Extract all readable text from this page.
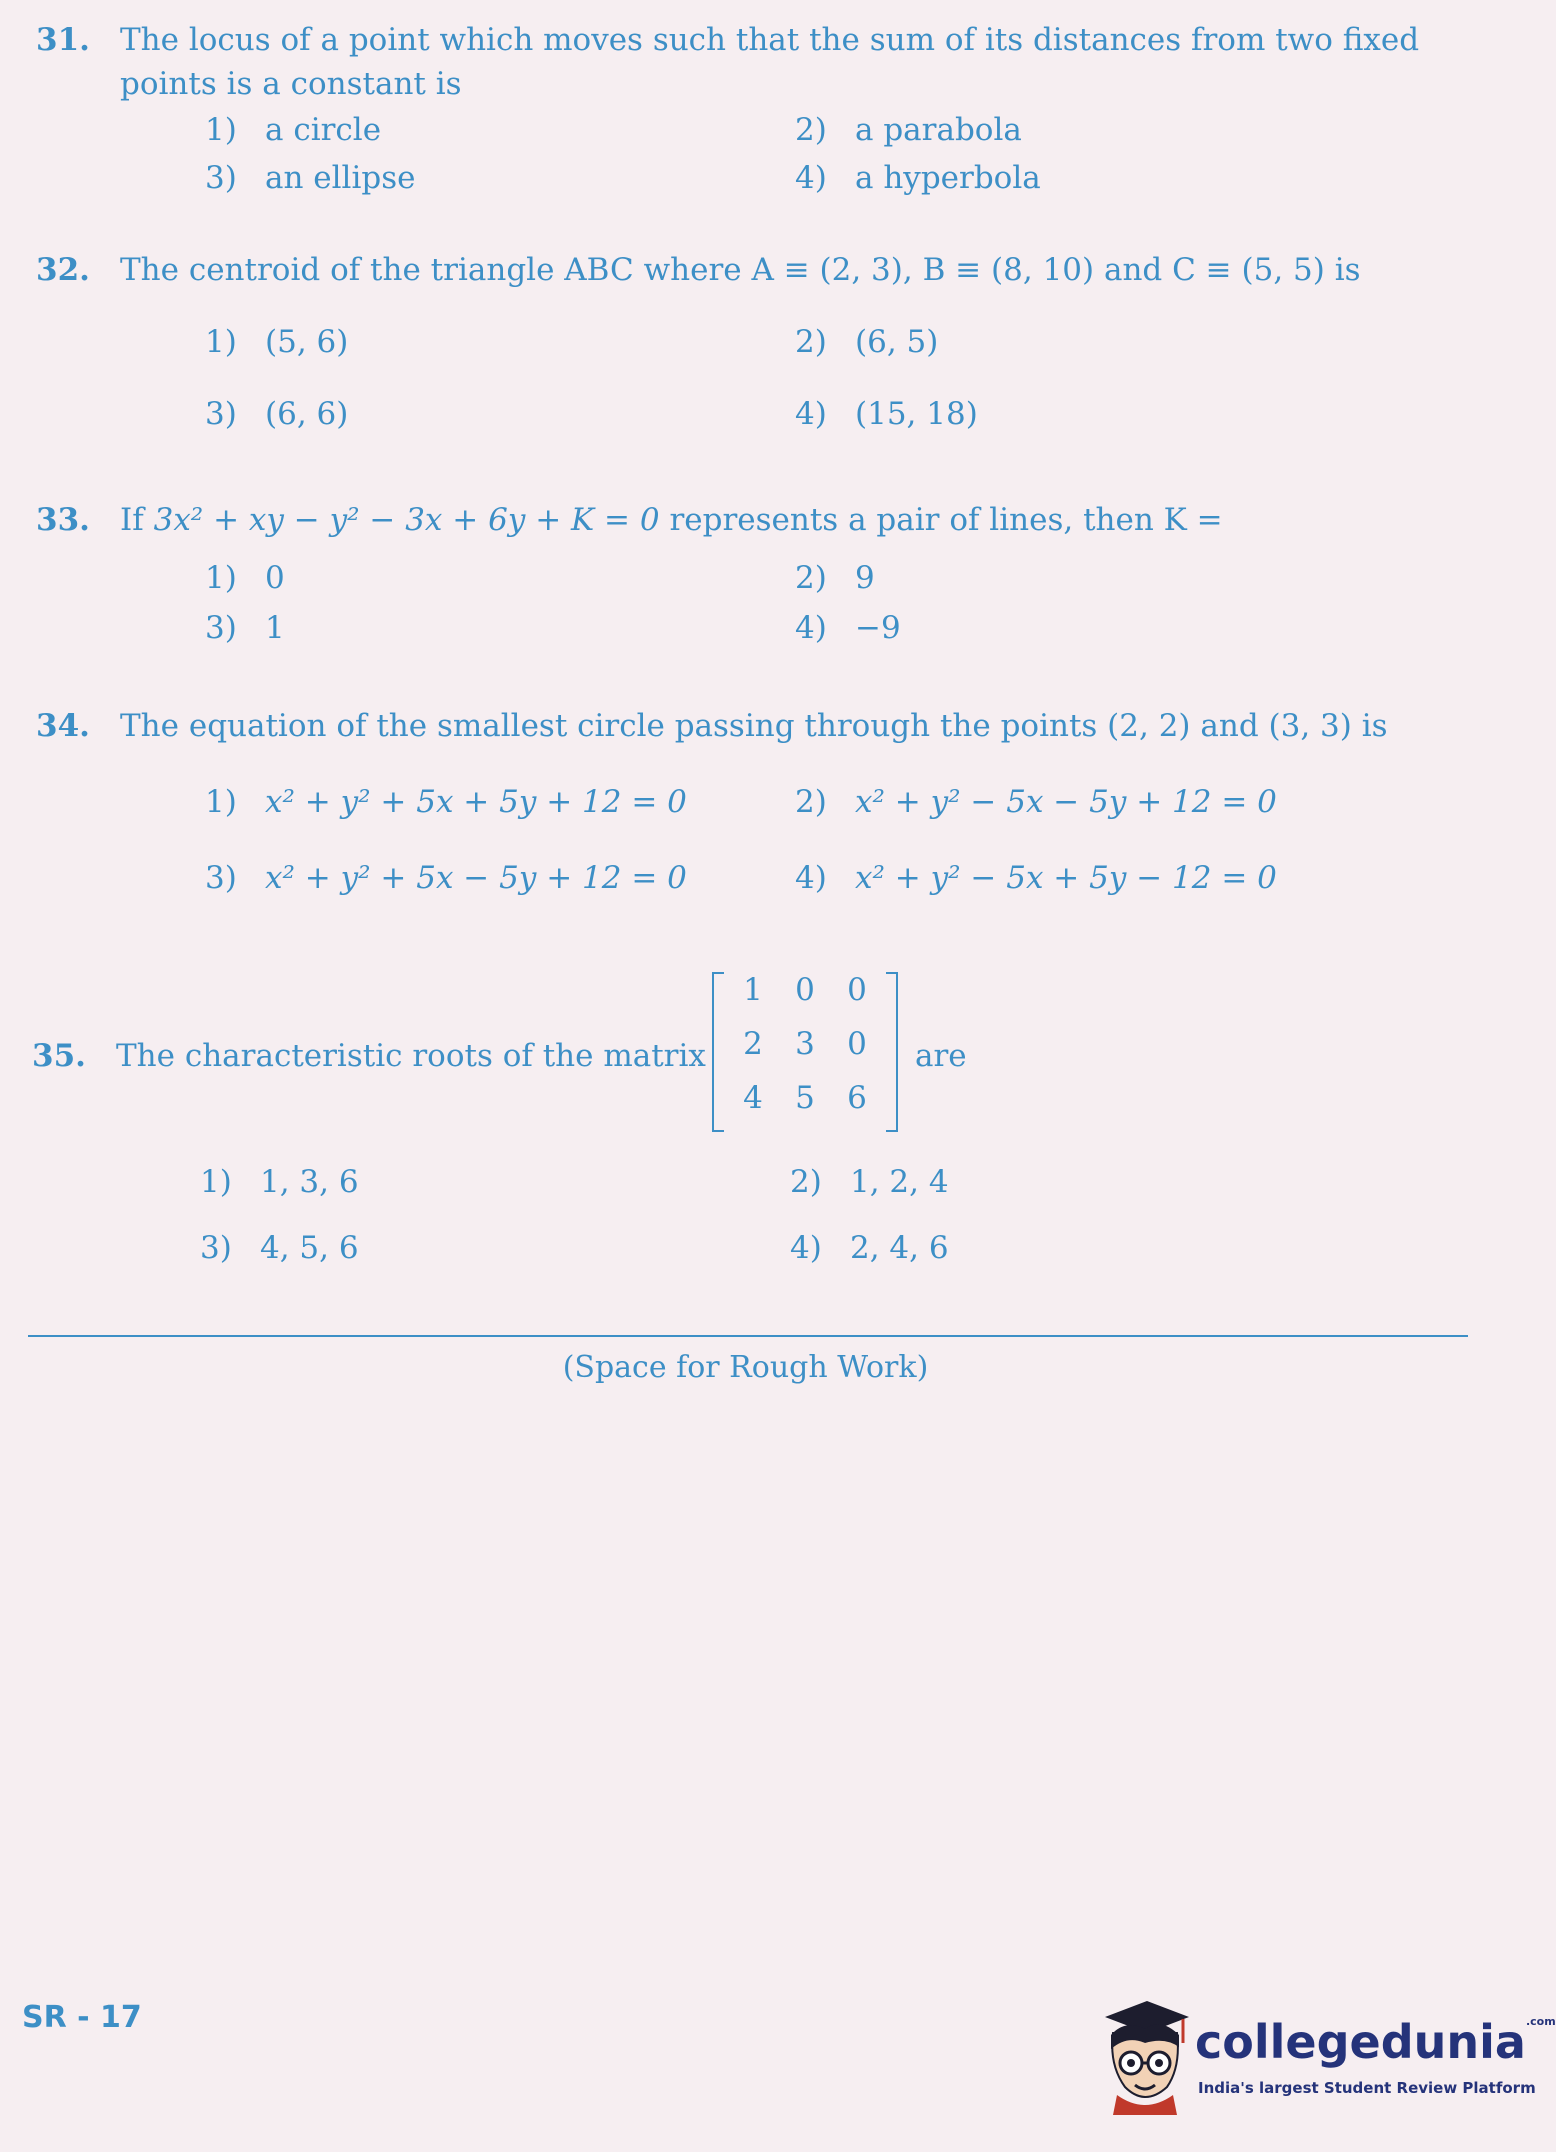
31. The locus of a point which moves such that the sum of its distances from two fixed points is a constant is
1) a circle	2) a parabola
3) an ellipse	4) a hyperbola
32. The centroid of the triangle ABC where A ≡ (2, 3), B ≡ (8, 10) and C ≡ (5, 5) is
1) (5, 6)	2) (6, 5)
3) (6, 6)	4) (15, 18)
33. If 3x² + xy − y² − 3x + 6y + K = 0 represents a pair of lines, then K =
1) 0	2) 9
3) 1	4) −9
34. The equation of the smallest circle passing through the points (2, 2) and (3, 3) is
1) x² + y² + 5x + 5y + 12 = 0	2) x² + y² − 5x − 5y + 12 = 0
3) x² + y² + 5x − 5y + 12 = 0	4) x² + y² − 5x + 5y − 12 = 0
35. The characteristic roots of the matrix
1	0	0
2	3	0
4	5	6
are
1) 1, 3, 6	2) 1, 2, 4
3) 4, 5, 6	4) 2, 4, 6
(Space for Rough Work)
SR - 17	collegedunia$^{.com}$
India's largest Student Review Platform
